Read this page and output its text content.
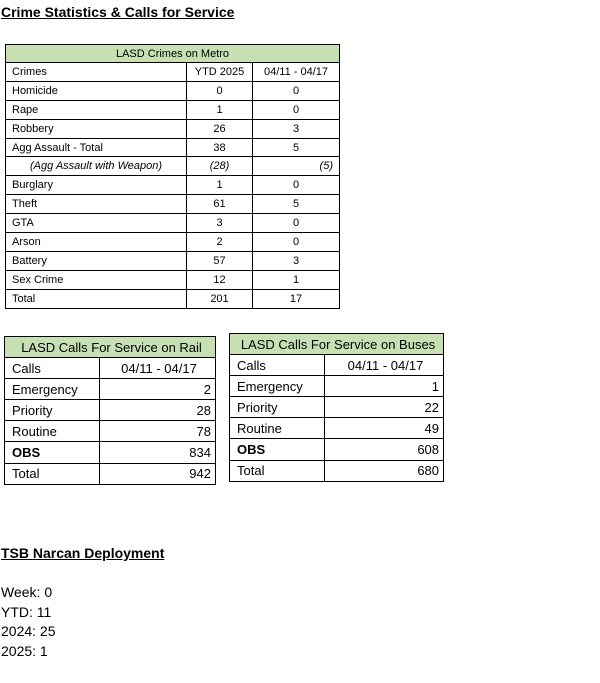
Crime Statistics & Calls for Service
LASD Crimes on Metro		
Crimes	YTD 2025	04/11 - 04/17
Homicide	0	0
Rape	1	0
Robbery	26	3
Agg Assault - Total	38	5
(Agg Assault with Weapon)	(28)	(5)
Burglary	1	0
Theft	61	5
GTA	3	0
Arson	2	0
Battery	57	3
Sex Crime	12	1
Total	201	17
LASD Calls For Service on Rail	
Calls	04/11 - 04/17
Emergency	2
Priority	28
Routine	78
OBS	834
Total	942
LASD Calls For Service on Buses	
Calls	04/11 - 04/17
Emergency	1
Priority	22
Routine	49
OBS	608
Total	680
TSB Narcan Deployment
Week: 0
YTD: 11
2024: 25
2025: 1
